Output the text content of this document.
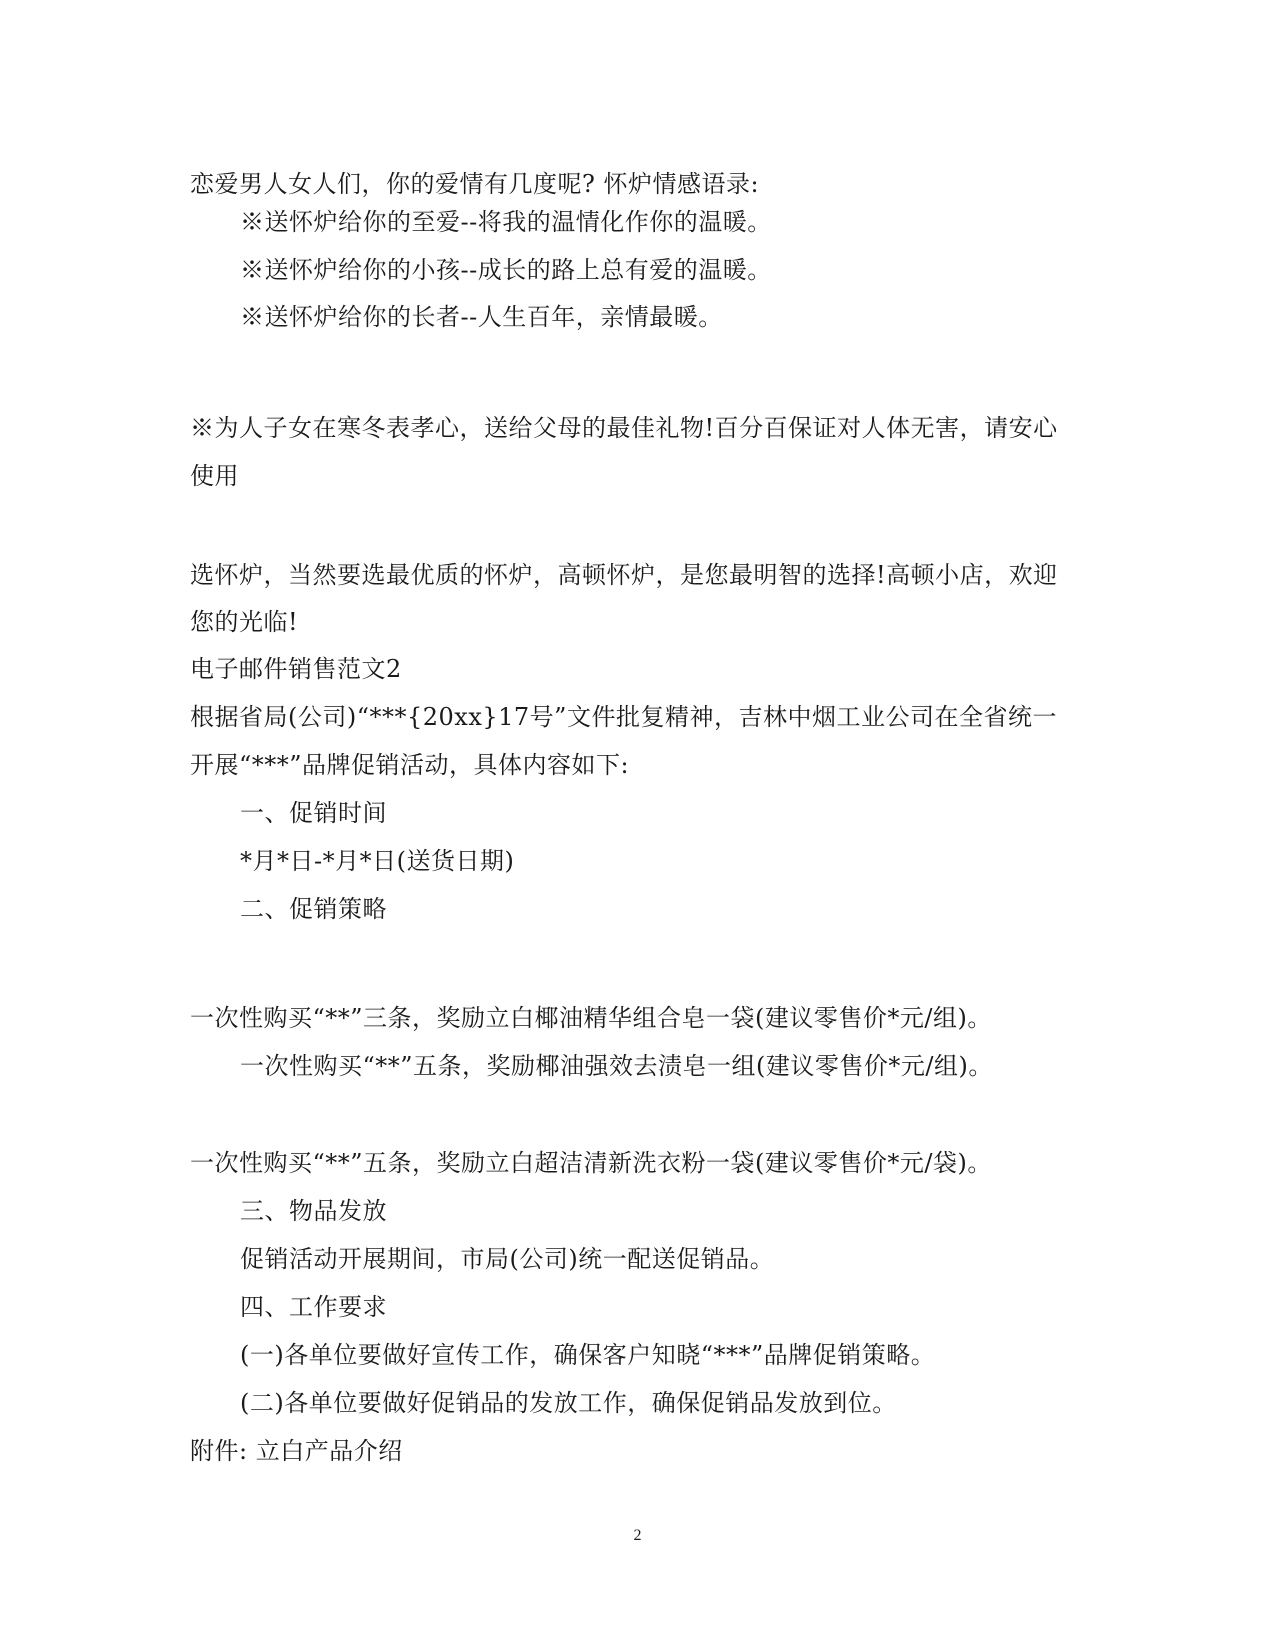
恋爱男人女人们，你的爱情有几度呢? 怀炉情感语录:
※送怀炉给你的至爱--将我的温情化作你的温暖。
※送怀炉给你的小孩--成长的路上总有爱的温暖。
※送怀炉给你的长者--人生百年，亲情最暖。
※为人子女在寒冬表孝心，送给父母的最佳礼物!百分百保证对人体无害，请安心
使用
选怀炉，当然要选最优质的怀炉，高顿怀炉，是您最明智的选择!高顿小店，欢迎
您的光临!
电子邮件销售范文2
根据省局(公司)“***{20xx}17号”文件批复精神，吉林中烟工业公司在全省统一
开展“***”品牌促销活动，具体内容如下:
一、促销时间
*月*日-*月*日(送货日期)
二、促销策略
一次性购买“**”三条，奖励立白椰油精华组合皂一袋(建议零售价*元/组)。
一次性购买“**”五条，奖励椰油强效去渍皂一组(建议零售价*元/组)。
一次性购买“**”五条，奖励立白超洁清新洗衣粉一袋(建议零售价*元/袋)。
三、物品发放
促销活动开展期间，市局(公司)统一配送促销品。
四、工作要求
(一)各单位要做好宣传工作，确保客户知晓“***”品牌促销策略。
(二)各单位要做好促销品的发放工作，确保促销品发放到位。
附件: 立白产品介绍
2
